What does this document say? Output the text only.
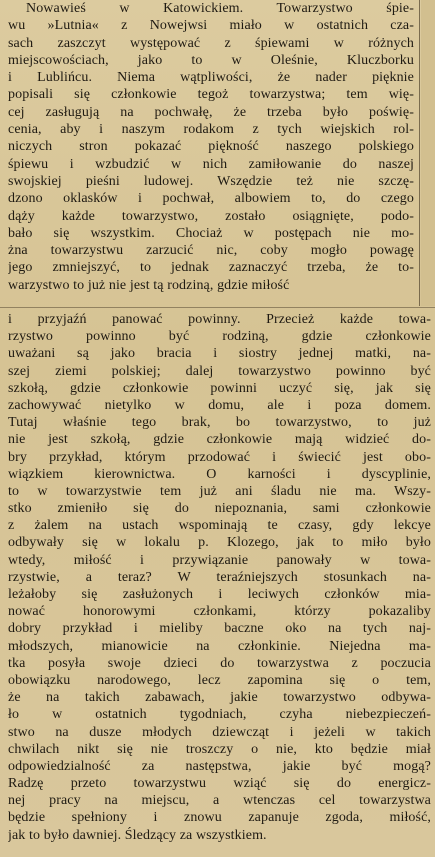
Nowawieś w Katowickiem. Towarzystwo śpie-
wu »Lutnia« z Nowejwsi miało w ostatnich cza-
sach zaszczyt występować z śpiewami w różnych
miejscowościach, jako to w Oleśnie, Kluczborku
i Lublińcu. Niema wątpliwości, że nader pięknie
popisali się członkowie tegoż towarzystwa; tem wię-
cej zasługują na pochwałę, że trzeba było poświę-
cenia, aby i naszym rodakom z tych wiejskich rol-
niczych stron pokazać piękność naszego polskiego
śpiewu i wzbudzić w nich zamiłowanie do naszej
swojskiej pieśni ludowej. Wszędzie też nie szczę-
dzono oklasków i pochwał, albowiem to, do czego
dąży każde towarzystwo, zostało osiągnięte, podo-
bało się wszystkim. Chociaż w postępach nie mo-
żna towarzystwu zarzucić nic, coby mogło powagę
jego zmniejszyć, to jednak zaznaczyć trzeba, że to-
warzystwo to już nie jest tą rodziną, gdzie miłość
i przyjaźń panować powinny. Przecież każde towa-
rzystwo powinno być rodziną, gdzie członkowie
uważani są jako bracia i siostry jednej matki, na-
szej ziemi polskiej; dalej towarzystwo powinno być
szkołą, gdzie członkowie powinni uczyć się, jak się
zachowywać nietylko w domu, ale i poza domem.
Tutaj właśnie tego brak, bo towarzystwo, to już
nie jest szkołą, gdzie członkowie mają widzieć do-
bry przykład, którym przodować i świecić jest obo-
wiązkiem kierownictwa. O karności i dyscyplinie,
to w towarzystwie tem już ani śladu nie ma. Wszy-
stko zmieniło się do niepoznania, sami członkowie
z żalem na ustach wspominają te czasy, gdy lekcye
odbywały się w lokalu p. Klozego, jak to miło było
wtedy, miłość i przywiązanie panowały w towa-
rzystwie, a teraz? W teraźniejszych stosunkach na-
leżałoby się zasłużonych i leciwych członków mia-
nować honorowymi członkami, którzy pokazaliby
dobry przykład i mieliby baczne oko na tych naj-
młodszych, mianowicie na członkinie. Niejedna ma-
tka posyła swoje dzieci do towarzystwa z poczucia
obowiązku narodowego, lecz zapomina się o tem,
że na takich zabawach, jakie towarzystwo odbywa-
ło w ostatnich tygodniach, czyha niebezpieczeń-
stwo na dusze młodych dziewcząt i jeżeli w takich
chwilach nikt się nie troszczy o nie, kto będzie miał
odpowiedzialność za następstwa, jakie być mogą?
Radzę przeto towarzystwu wziąć się do energicz-
nej pracy na miejscu, a wtenczas cel towarzystwa
będzie spełniony i znowu zapanuje zgoda, miłość,
jak to było dawniej. Śledzący za wszystkiem.
